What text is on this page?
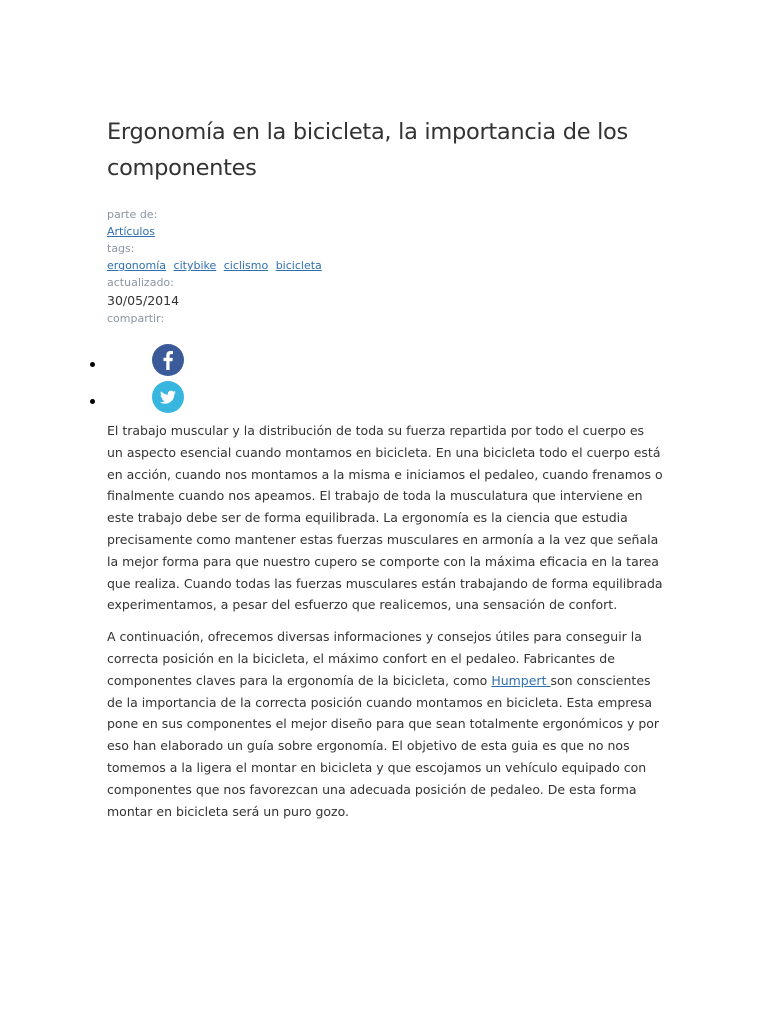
Ergonomía en la bicicleta, la importancia de los componentes
parte de:
Artículos
tags:
ergonomía citybike ciclismo bicicleta
actualizado:
30/05/2014
compartir:

El trabajo muscular y la distribución de toda su fuerza repartida por todo el cuerpo es un aspecto esencial cuando montamos en bicicleta. En una bicicleta todo el cuerpo está en acción, cuando nos montamos a la misma e iniciamos el pedaleo, cuando frenamos o finalmente cuando nos apeamos. El trabajo de toda la musculatura que interviene en este trabajo debe ser de forma equilibrada. La ergonomía es la ciencia que estudia precisamente como mantener estas fuerzas musculares en armonía a la vez que señala la mejor forma para que nuestro cupero se comporte con la máxima eficacia en la tarea que realiza. Cuando todas las fuerzas musculares están trabajando de forma equilibrada experimentamos, a pesar del esfuerzo que realicemos, una sensación de confort.

A continuación, ofrecemos diversas informaciones y consejos útiles para conseguir la correcta posición en la bicicleta, el máximo confort en el pedaleo. Fabricantes de componentes claves para la ergonomía de la bicicleta, como Humpert son conscientes de la importancia de la correcta posición cuando montamos en bicicleta. Esta empresa pone en sus componentes el mejor diseño para que sean totalmente ergonómicos y por eso han elaborado un guía sobre ergonomía. El objetivo de esta guia es que no nos tomemos a la ligera el montar en bicicleta y que escojamos un vehículo equipado con componentes que nos favorezcan una adecuada posición de pedaleo. De esta forma montar en bicicleta será un puro gozo.
